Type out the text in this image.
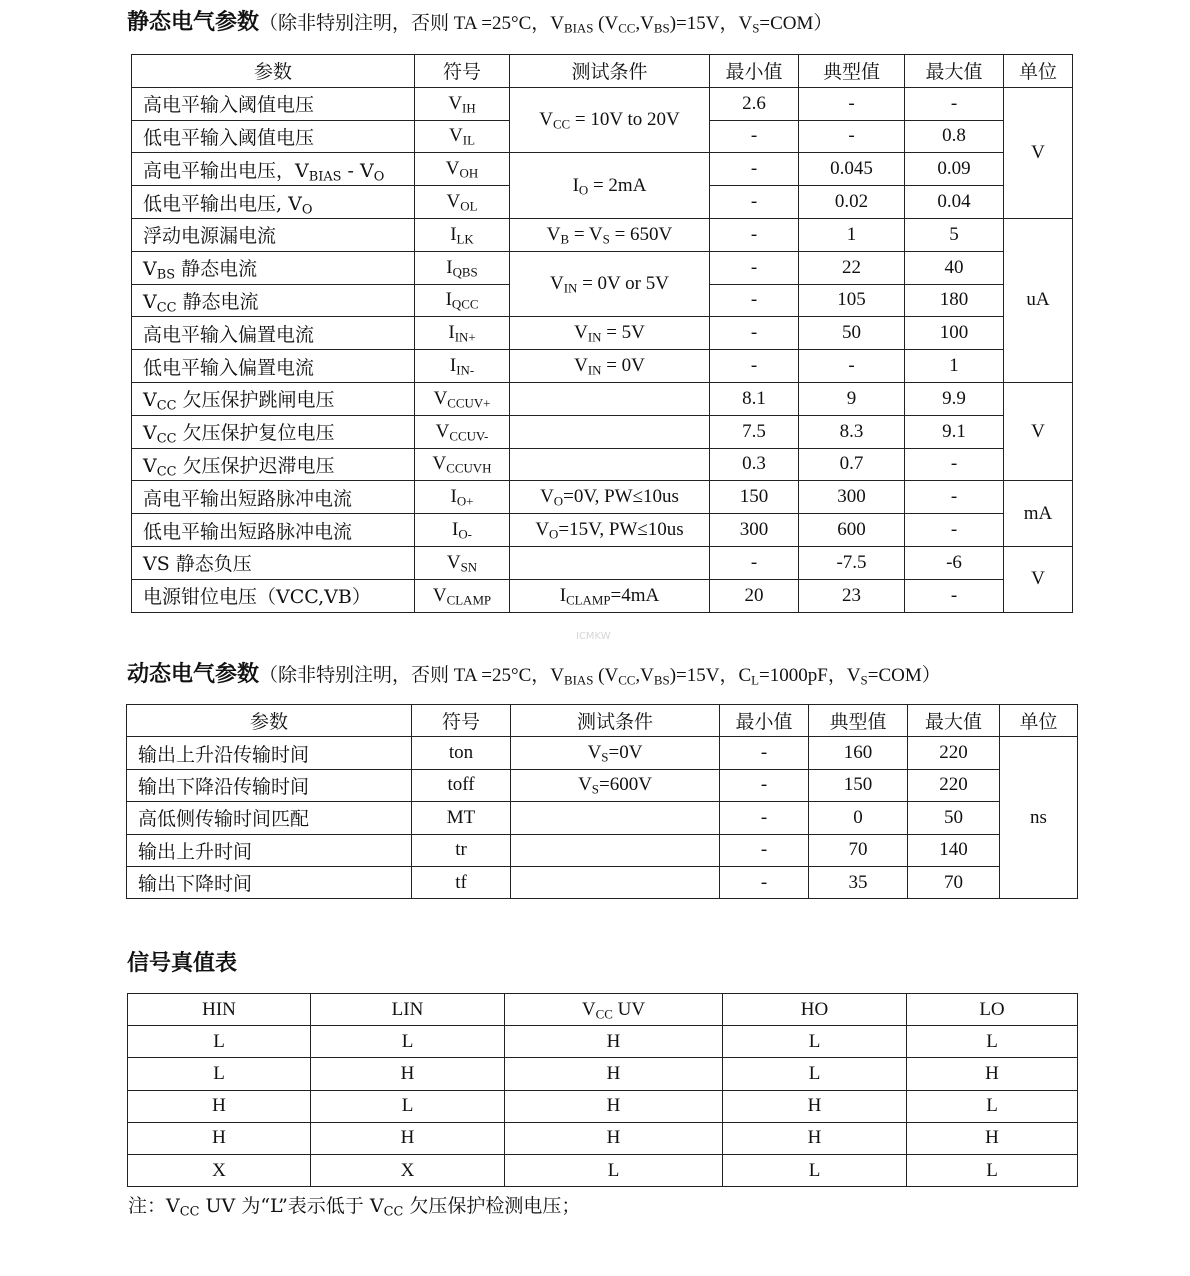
静态电气参数（除非特别注明，否则 TA =25°C，$V_{BIAS}$ $(V_{CC},V_{BS})=15V$，$V_S=COM$）
参数	符号	测试条件	最小值	典型值	最大值	单位
高电平输入阈值电压	$V_{IH}$	$V_{CC} = 10V$ to 20V	2.6	-	-	V
低电平输入阈值电压	$V_{IL}$		-	-	0.8	
高电平输出电压，$V_{BIAS} - V_O$	$V_{OH}$	$I_O = 2mA$	-	0.045	0.09	
低电平输出电压, $V_O$	$V_{OL}$		-	0.02	0.04	
浮动电源漏电流	$I_{LK}$	$V_B = V_S = 650V$	-	1	5	uA
$V_{BS}$ 静态电流	$I_{QBS}$	$V_{IN} = 0V$ or 5V	-	22	40	
$V_{CC}$ 静态电流	$I_{QCC}$		-	105	180	
高电平输入偏置电流	$I_{IN+}$	$V_{IN} = 5V$	-	50	100	
低电平输入偏置电流	$I_{IN-}$	$V_{IN} = 0V$	-	-	1	
$V_{CC}$ 欠压保护跳闸电压	$V_{CCUV+}$		8.1	9	9.9	V
$V_{CC}$ 欠压保护复位电压	$V_{CCUV-}$		7.5	8.3	9.1	
$V_{CC}$ 欠压保护迟滞电压	$V_{CCUVH}$		0.3	0.7	-	
高电平输出短路脉冲电流	$I_{O+}$	$V_O=0V$, PW≤10us	150	300	-	mA
低电平输出短路脉冲电流	$I_{O-}$	$V_O=15V$, PW≤10us	300	600	-	
VS 静态负压	$V_{SN}$		-	-7.5	-6	V
电源钳位电压（VCC,VB）	$V_{CLAMP}$	$I_{CLAMP}=4mA$	20	23	-	
ICMKW
动态电气参数（除非特别注明，否则 TA =25°C，$V_{BIAS}$ $(V_{CC},V_{BS})=15V$，$C_L=1000pF$，$V_S=COM$）
参数	符号	测试条件	最小值	典型值	最大值	单位
输出上升沿传输时间	ton	$V_S=0V$	-	160	220	ns
输出下降沿传输时间	toff	$V_S=600V$	-	150	220	
高低侧传输时间匹配	MT		-	0	50	
输出上升时间	tr		-	70	140	
输出下降时间	tf		-	35	70	
信号真值表
HIN	LIN	$V_{CC}$ UV	HO	LO
L	L	H	L	L
L	H	H	L	H
H	L	H	H	L
H	H	H	H	H
X	X	L	L	L
注：$V_{CC}$ UV 为“L”表示低于 $V_{CC}$ 欠压保护检测电压；
